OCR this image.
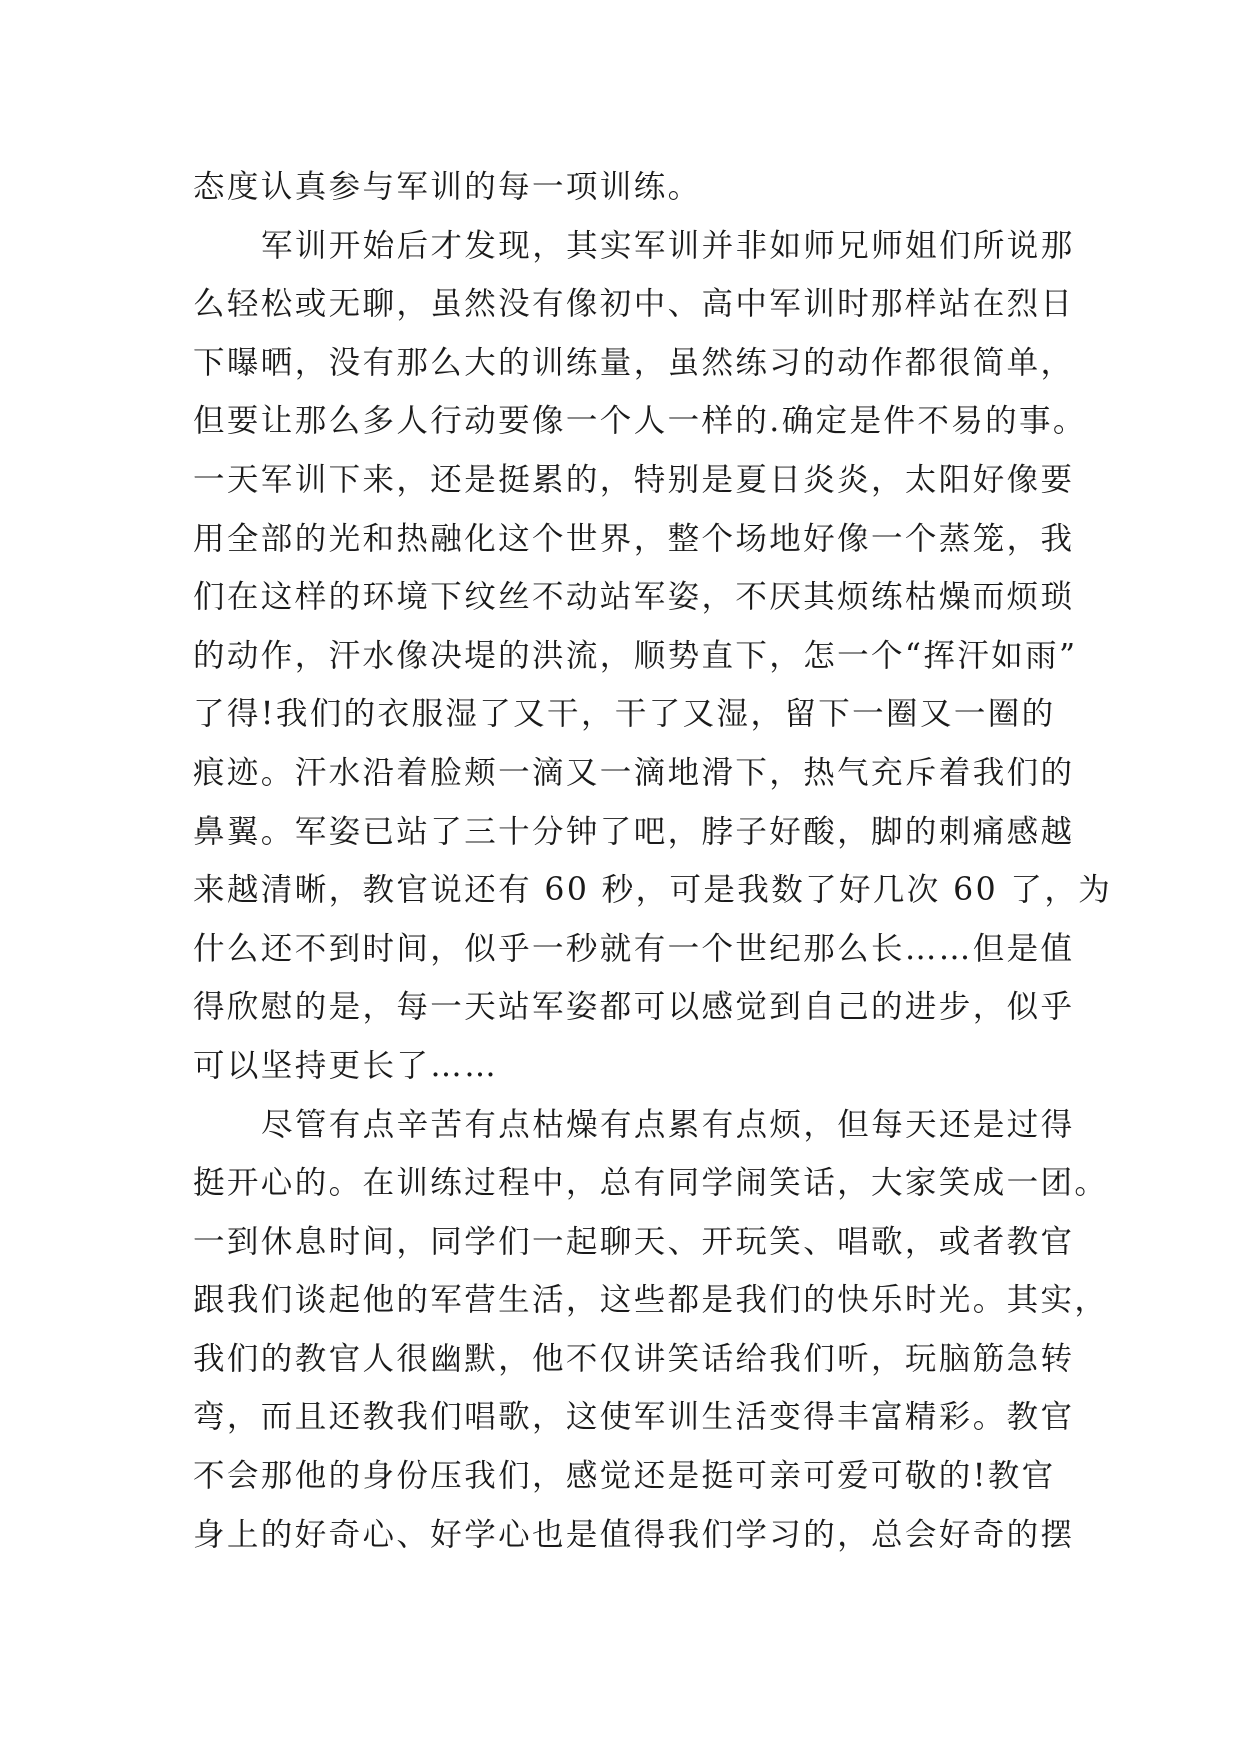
态度认真参与军训的每一项训练。
军训开始后才发现，其实军训并非如师兄师姐们所说那
么轻松或无聊，虽然没有像初中、高中军训时那样站在烈日
下曝晒，没有那么大的训练量，虽然练习的动作都很简单，
但要让那么多人行动要像一个人一样的.确定是件不易的事。
一天军训下来，还是挺累的，特别是夏日炎炎，太阳好像要
用全部的光和热融化这个世界，整个场地好像一个蒸笼，我
们在这样的环境下纹丝不动站军姿，不厌其烦练枯燥而烦琐
的动作，汗水像决堤的洪流，顺势直下，怎一个“挥汗如雨”
了得!我们的衣服湿了又干，干了又湿，留下一圈又一圈的
痕迹。汗水沿着脸颊一滴又一滴地滑下，热气充斥着我们的
鼻翼。军姿已站了三十分钟了吧，脖子好酸，脚的刺痛感越
来越清晰，教官说还有 60 秒，可是我数了好几次 60 了，为
什么还不到时间，似乎一秒就有一个世纪那么长……但是值
得欣慰的是，每一天站军姿都可以感觉到自己的进步，似乎
可以坚持更长了……
尽管有点辛苦有点枯燥有点累有点烦，但每天还是过得
挺开心的。在训练过程中，总有同学闹笑话，大家笑成一团。
一到休息时间，同学们一起聊天、开玩笑、唱歌，或者教官
跟我们谈起他的军营生活，这些都是我们的快乐时光。其实，
我们的教官人很幽默，他不仅讲笑话给我们听，玩脑筋急转
弯，而且还教我们唱歌，这使军训生活变得丰富精彩。教官
不会那他的身份压我们，感觉还是挺可亲可爱可敬的!教官
身上的好奇心、好学心也是值得我们学习的，总会好奇的摆
